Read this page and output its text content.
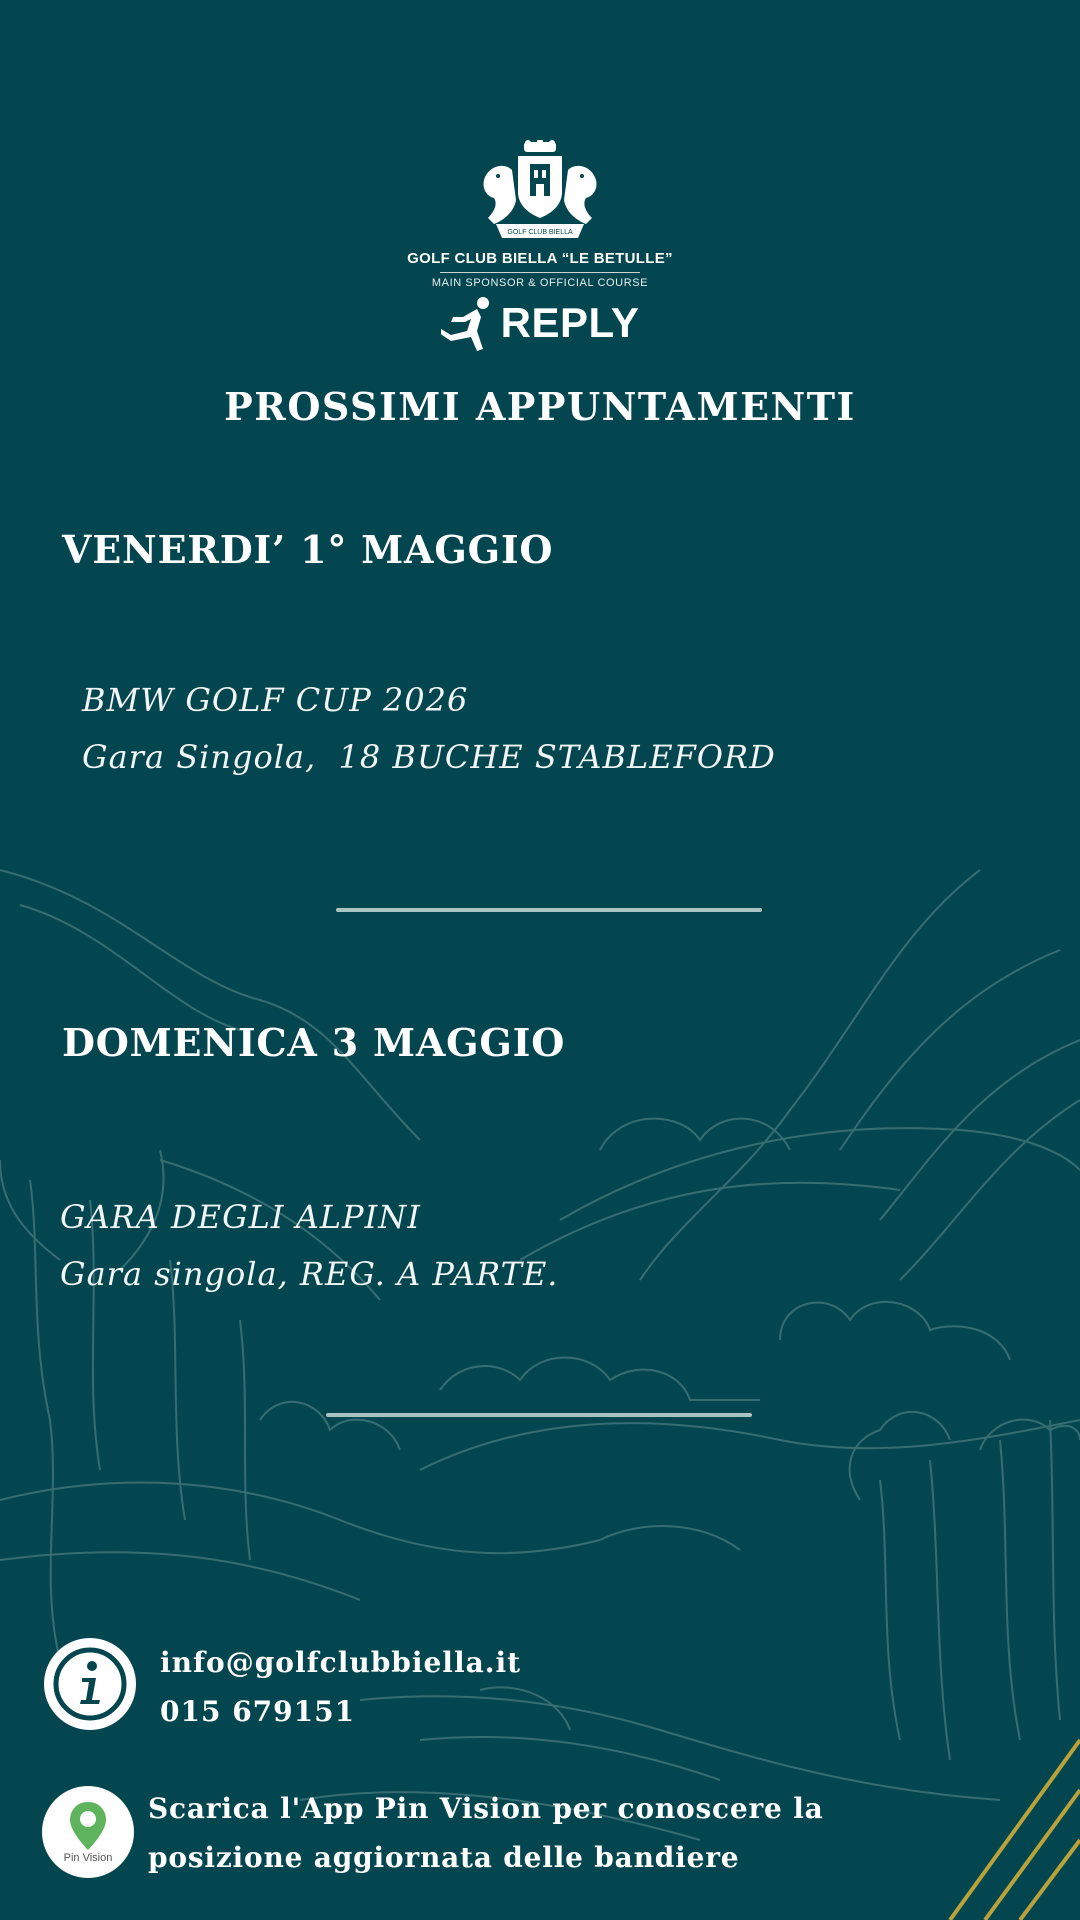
GOLF CLUB BIELLA
GOLF CLUB BIELLA “LE BETULLE”
MAIN SPONSOR & OFFICIAL COURSE
REPLY
PROSSIMI APPUNTAMENTI
VENERDI’ 1° MAGGIO
BMW GOLF CUP 2026
Gara Singola,  18 BUCHE STABLEFORD
DOMENICA 3 MAGGIO
GARA DEGLI ALPINI
Gara singola, REG. A PARTE.
info@golfclubbiella.it
015 679151
Pin Vision
Scarica l'App Pin Vision per conoscere la
posizione aggiornata delle bandiere
